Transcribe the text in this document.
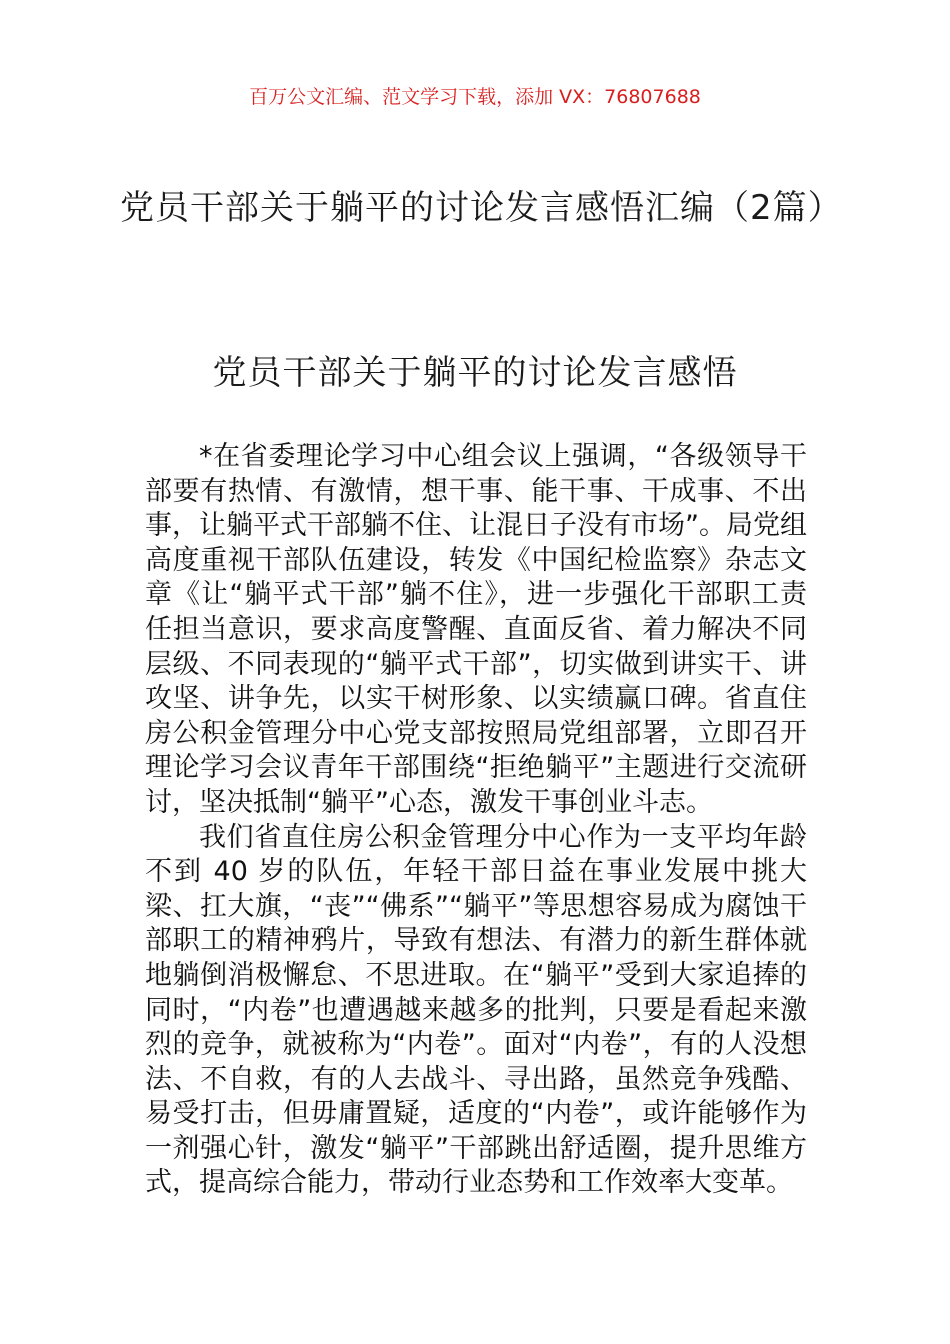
百万公文汇编、范文学习下载，添加 VX：76807688
党员干部关于躺平的讨论发言感悟汇编（2篇）
党员干部关于躺平的讨论发言感悟

*在省委理论学习中心组会议上强调，“各级领导干部要有热情、有激情，想干事、能干事、干成事、不出事，让躺平式干部躺不住、让混日子没有市场”。局党组高度重视干部队伍建设，转发《中国纪检监察》杂志文章《让“躺平式干部”躺不住》，进一步强化干部职工责任担当意识，要求高度警醒、直面反省、着力解决不同层级、不同表现的“躺平式干部”，切实做到讲实干、讲攻坚、讲争先，以实干树形象、以实绩赢口碑。省直住房公积金管理分中心党支部按照局党组部署，立即召开理论学习会议青年干部围绕“拒绝躺平”主题进行交流研讨，坚决抵制“躺平”心态，激发干事创业斗志。

我们省直住房公积金管理分中心作为一支平均年龄不到 40 岁的队伍，年轻干部日益在事业发展中挑大梁、扛大旗，“丧”“佛系”“躺平”等思想容易成为腐蚀干部职工的精神鸦片，导致有想法、有潜力的新生群体就地躺倒消极懈怠、不思进取。在“躺平”受到大家追捧的同时，“内卷”也遭遇越来越多的批判，只要是看起来激烈的竞争，就被称为“内卷”。面对“内卷”，有的人没想法、不自救，有的人去战斗、寻出路，虽然竞争残酷、易受打击，但毋庸置疑，适度的“内卷”，或许能够作为一剂强心针，激发“躺平”干部跳出舒适圈，提升思维方式，提高综合能力，带动行业态势和工作效率大变革。
